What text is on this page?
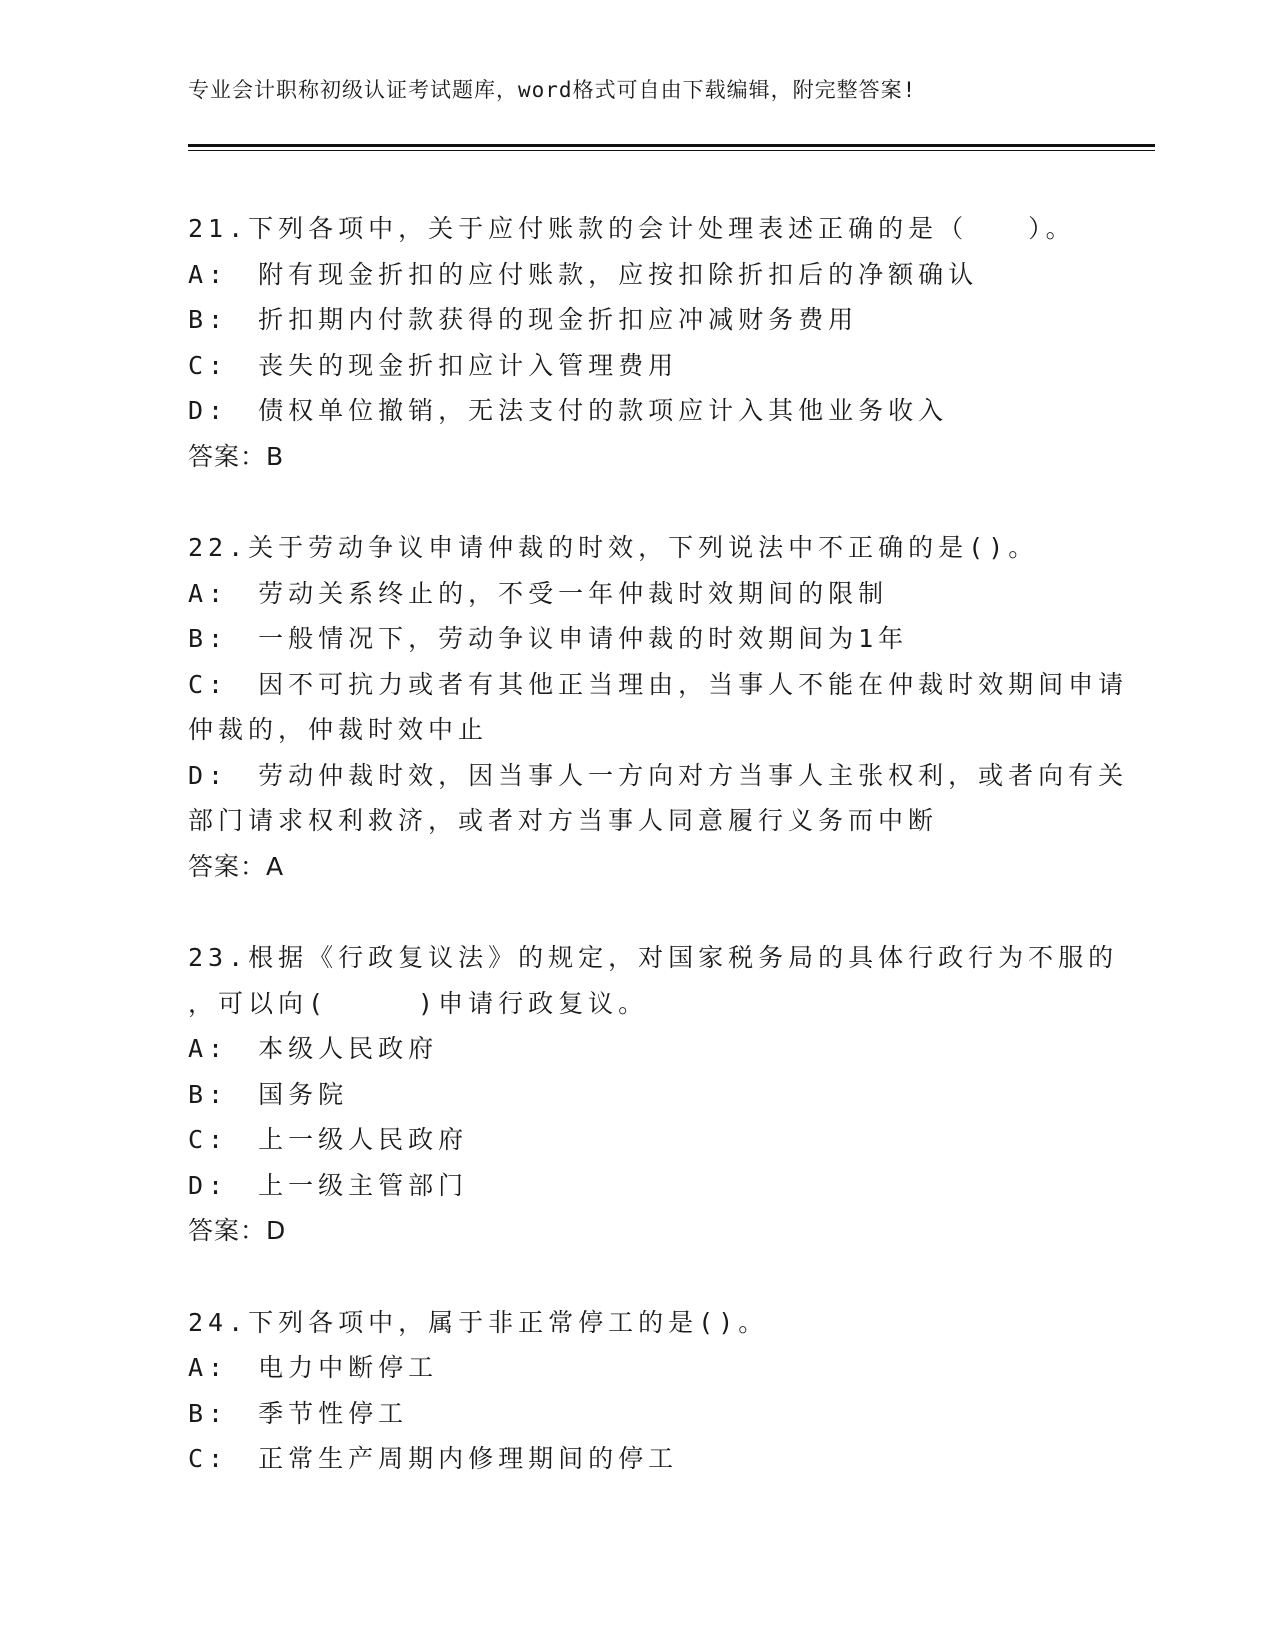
专业会计职称初级认证考试题库，word格式可自由下载编辑，附完整答案!

21.下列各项中，关于应付账款的会计处理表述正确的是（　　）。

A:　附有现金折扣的应付账款，应按扣除折扣后的净额确认

B:　折扣期内付款获得的现金折扣应冲减财务费用

C:　丧失的现金折扣应计入管理费用

D:　债权单位撤销，无法支付的款项应计入其他业务收入

答案：B

22.关于劳动争议申请仲裁的时效，下列说法中不正确的是()。

A:　劳动关系终止的，不受一年仲裁时效期间的限制

B:　一般情况下，劳动争议申请仲裁的时效期间为1年

C:　因不可抗力或者有其他正当理由，当事人不能在仲裁时效期间申请

仲裁的，仲裁时效中止

D:　劳动仲裁时效，因当事人一方向对方当事人主张权利，或者向有关

部门请求权利救济，或者对方当事人同意履行义务而中断

答案：A

23.根据《行政复议法》的规定，对国家税务局的具体行政行为不服的

，可以向(　　　)申请行政复议。

A:　本级人民政府

B:　国务院

C:　上一级人民政府

D:　上一级主管部门

答案：D

24.下列各项中，属于非正常停工的是()。

A:　电力中断停工

B:　季节性停工

C:　正常生产周期内修理期间的停工
